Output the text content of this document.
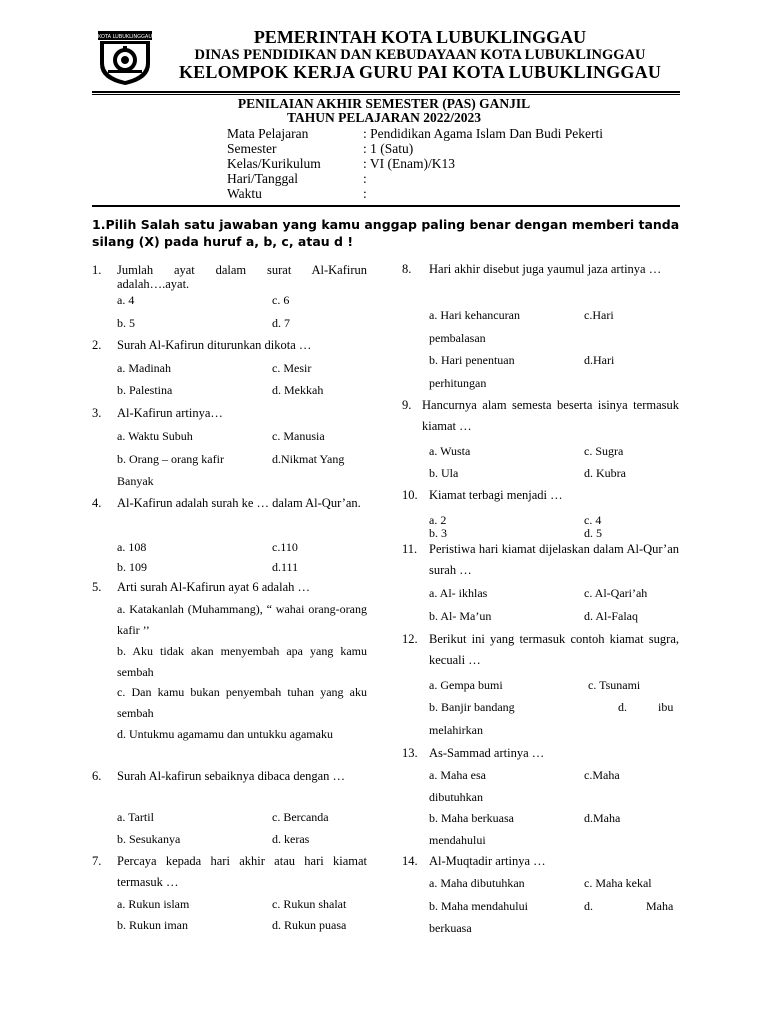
KOTA LUBUKLINGGAU	PEMERINTAH KOTA LUBUKLINGGAU
DINAS PENDIDIKAN DAN KEBUDAYAAN KOTA LUBUKLINGGAU
KELOMPOK KERJA GURU PAI KOTA LUBUKLINGGAU
PENILAIAN AKHIR SEMESTER (PAS) GANJIL
TAHUN PELAJARAN 2022/2023
Mata Pelajaran	: Pendidikan Agama Islam Dan Budi Pekerti
Semester	: 1 (Satu)
Kelas/Kurikulum	: VI (Enam)/K13
Hari/Tanggal	:
Waktu	:
1.Pilih Salah satu jawaban yang kamu anggap paling benar dengan memberi tanda silang (X) pada huruf a, b, c, atau d !
1. Jumlah ayat dalam surat Al-Kafirun adalah….ayat.
a. 4	c. 6
b. 5	d. 7
2. Surah Al-Kafirun diturunkan dikota …
a. Madinah	c. Mesir
b. Palestina	d. Mekkah
3. Al-Kafirun artinya…
a. Waktu Subuh	c. Manusia
b. Orang – orang kafir	d.Nikmat Yang
Banyak
4. Al-Kafirun adalah surah ke … dalam Al-Qur’an.
a. 108	c.110
b. 109	d.111
5. Arti surah Al-Kafirun ayat 6 adalah …
a. Katakanlah (Muhammang), “ wahai orang-orang kafir ’’
b. Aku tidak akan menyembah apa yang kamu sembah
c. Dan kamu bukan penyembah tuhan yang aku sembah
d. Untukmu agamamu dan untukku agamaku
6. Surah Al-kafirun sebaiknya dibaca dengan …
a. Tartil	c. Bercanda
b. Sesukanya	d. keras
7. Percaya kepada hari akhir atau hari kiamat termasuk …
a. Rukun islam	c. Rukun shalat
b. Rukun iman	d. Rukun puasa
8. Hari akhir disebut juga yaumul jaza artinya …
a. Hari kehancuran	c.Hari
pembalasan
b. Hari penentuan	d.Hari
perhitungan
9. Hancurnya alam semesta beserta isinya termasuk kiamat …
a. Wusta	c. Sugra
b. Ula	d. Kubra
10. Kiamat terbagi menjadi …
a. 2	c. 4
b. 3	d. 5
11. Peristiwa hari kiamat dijelaskan dalam Al-Qur’an surah …
a. Al- ikhlas	c. Al-Qari’ah
b. Al- Ma’un	d. Al-Falaq
12. Berikut ini yang termasuk contoh kiamat sugra, kecuali …
a. Gempa bumi	c. Tsunami
b. Banjir bandang	d.	ibu
melahirkan
13. As-Sammad artinya …
a. Maha esa	c.Maha
dibutuhkan
b. Maha berkuasa	d.Maha
mendahului
14. Al-Muqtadir artinya …
a. Maha dibutuhkan	c. Maha kekal
b. Maha mendahului	d.	Maha
berkuasa
